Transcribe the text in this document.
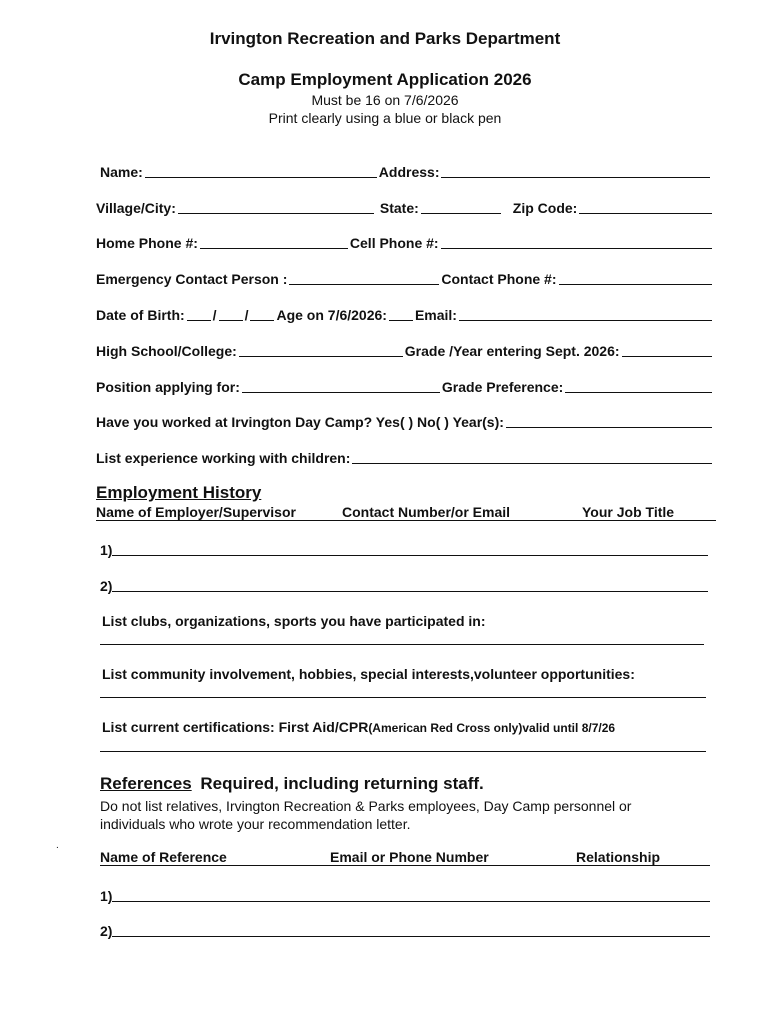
Irvington Recreation and Parks Department
Camp Employment Application 2026
Must be 16 on 7/6/2026
Print clearly using a blue or black pen
Name:	Address:
Village/City:	State:	Zip Code:
Home Phone #:	Cell Phone #:
Emergency Contact Person :	Contact Phone #:
Date of Birth: / / Age on 7/6/2026: Email:
High School/College:	Grade /Year entering Sept. 2026:
Position applying for:	Grade Preference:
Have you worked at Irvington Day Camp? Yes( ) No( ) Year(s):
List experience working with children:
Employment History
Name of Employer/Supervisor	Contact Number/or Email	Your Job Title
1)
2)
List clubs, organizations, sports you have participated in:
List community involvement, hobbies, special interests,volunteer opportunities:
List current certifications: First Aid/CPR (American Red Cross only)valid until 8/7/26
References Required, including returning staff.
Do not list relatives, Irvington Recreation & Parks employees, Day Camp personnel or individuals who wrote your recommendation letter.
.
Name of Reference	Email or Phone Number	Relationship
1)
2)
